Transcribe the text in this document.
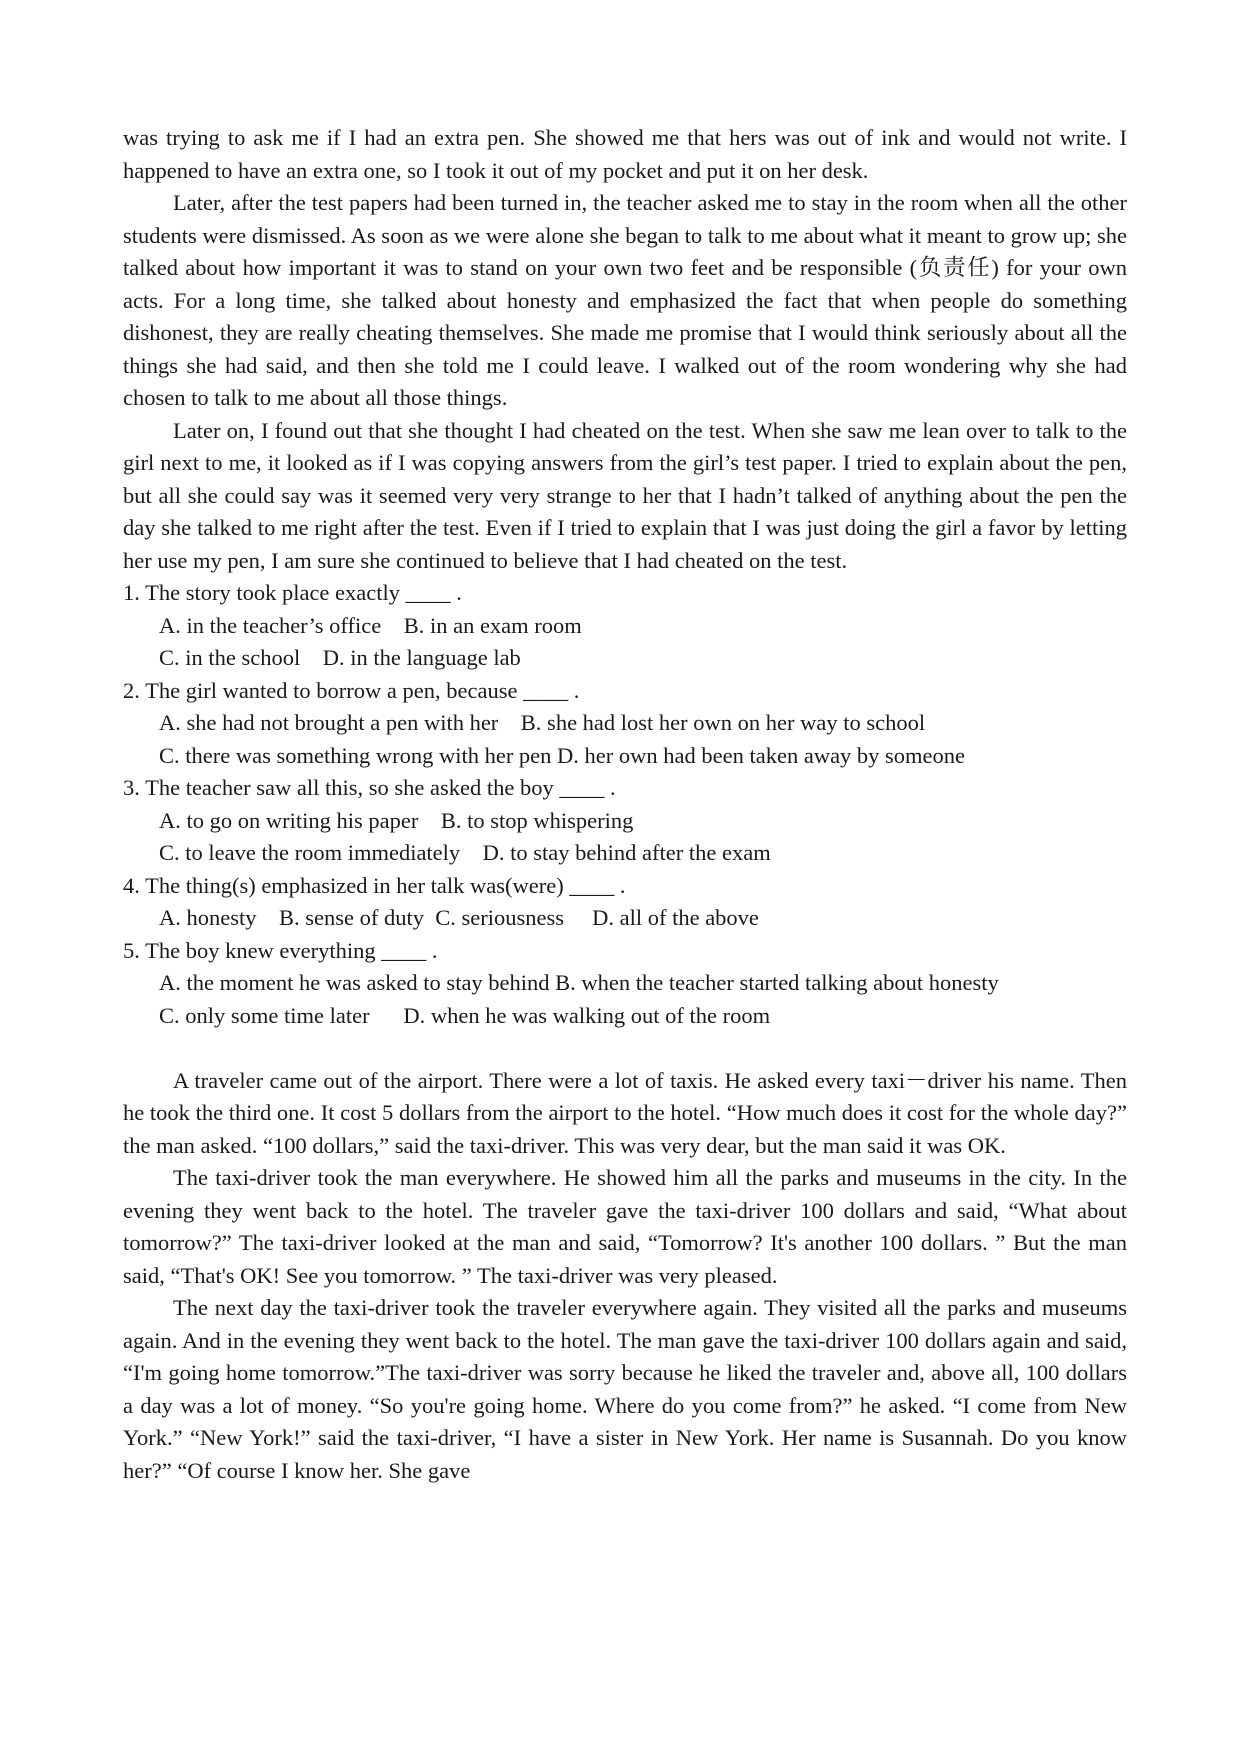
was trying to ask me if I had an extra pen. She showed me that hers was out of ink and would not write. I happened to have an extra one, so I took it out of my pocket and put it on her desk.

Later, after the test papers had been turned in, the teacher asked me to stay in the room when all the other students were dismissed. As soon as we were alone she began to talk to me about what it meant to grow up; she talked about how important it was to stand on your own two feet and be responsible (负责任) for your own acts. For a long time, she talked about honesty and emphasized the fact that when people do something dishonest, they are really cheating themselves. She made me promise that I would think seriously about all the things she had said, and then she told me I could leave. I walked out of the room wondering why she had chosen to talk to me about all those things.

Later on, I found out that she thought I had cheated on the test. When she saw me lean over to talk to the girl next to me, it looked as if I was copying answers from the girl’s test paper. I tried to explain about the pen, but all she could say was it seemed very very strange to her that I hadn’t talked of anything about the pen the day she talked to me right after the test. Even if I tried to explain that I was just doing the girl a favor by letting her use my pen, I am sure she continued to believe that I had cheated on the test.

1. The story took place exactly ____ .
A. in the teacher’s office    B. in an exam room
C. in the school    D. in the language lab
2. The girl wanted to borrow a pen, because ____ .
A. she had not brought a pen with her    B. she had lost her own on her way to school
C. there was something wrong with her pen D. her own had been taken away by someone
3. The teacher saw all this, so she asked the boy ____ .
A. to go on writing his paper    B. to stop whispering
C. to leave the room immediately    D. to stay behind after the exam
4. The thing(s) emphasized in her talk was(were) ____ .
A. honesty    B. sense of duty  C. seriousness     D. all of the above
5. The boy knew everything ____ .
A. the moment he was asked to stay behind B. when the teacher started talking about honesty
C. only some time later      D. when he was walking out of the room

A traveler came out of the airport. There were a lot of taxis. He asked every taxi－driver his name. Then he took the third one. It cost 5 dollars from the airport to the hotel. “How much does it cost for the whole day?” the man asked. “100 dollars,” said the taxi-driver. This was very dear, but the man said it was OK.

The taxi-driver took the man everywhere. He showed him all the parks and museums in the city. In the evening they went back to the hotel. The traveler gave the taxi-driver 100 dollars and said, “What about tomorrow?” The taxi-driver looked at the man and said, “Tomorrow? It's another 100 dollars. ” But the man said, “That's OK! See you tomorrow. ” The taxi-driver was very pleased.

The next day the taxi-driver took the traveler everywhere again. They visited all the parks and museums again. And in the evening they went back to the hotel. The man gave the taxi-driver 100 dollars again and said, “I'm going home tomorrow.”The taxi-driver was sorry because he liked the traveler and, above all, 100 dollars a day was a lot of money. “So you're going home. Where do you come from?” he asked. “I come from New York.” “New York!” said the taxi-driver, “I have a sister in New York. Her name is Susannah. Do you know her?” “Of course I know her. She gave
